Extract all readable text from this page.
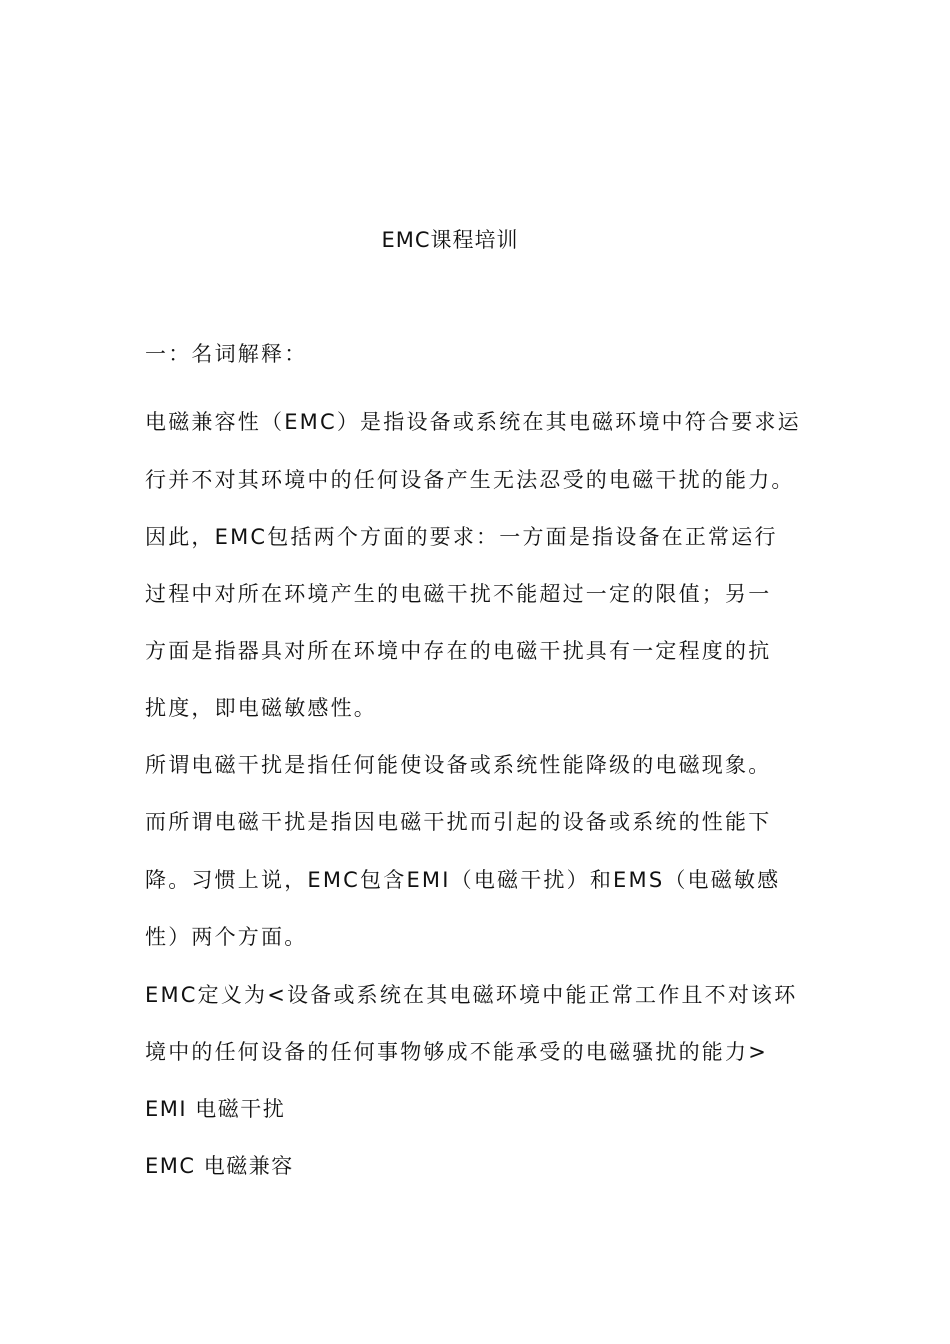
EMC课程培训
一：名词解释：
电磁兼容性（EMC）是指设备或系统在其电磁环境中符合要求运
行并不对其环境中的任何设备产生无法忍受的电磁干扰的能力。
因此，EMC包括两个方面的要求：一方面是指设备在正常运行
过程中对所在环境产生的电磁干扰不能超过一定的限值；另一
方面是指器具对所在环境中存在的电磁干扰具有一定程度的抗
扰度，即电磁敏感性。
所谓电磁干扰是指任何能使设备或系统性能降级的电磁现象。
而所谓电磁干扰是指因电磁干扰而引起的设备或系统的性能下
降。习惯上说，EMC包含EMI（电磁干扰）和EMS（电磁敏感
性）两个方面。
EMC定义为<设备或系统在其电磁环境中能正常工作且不对该环
境中的任何设备的任何事物够成不能承受的电磁骚扰的能力>
EMI 电磁干扰
EMC 电磁兼容
